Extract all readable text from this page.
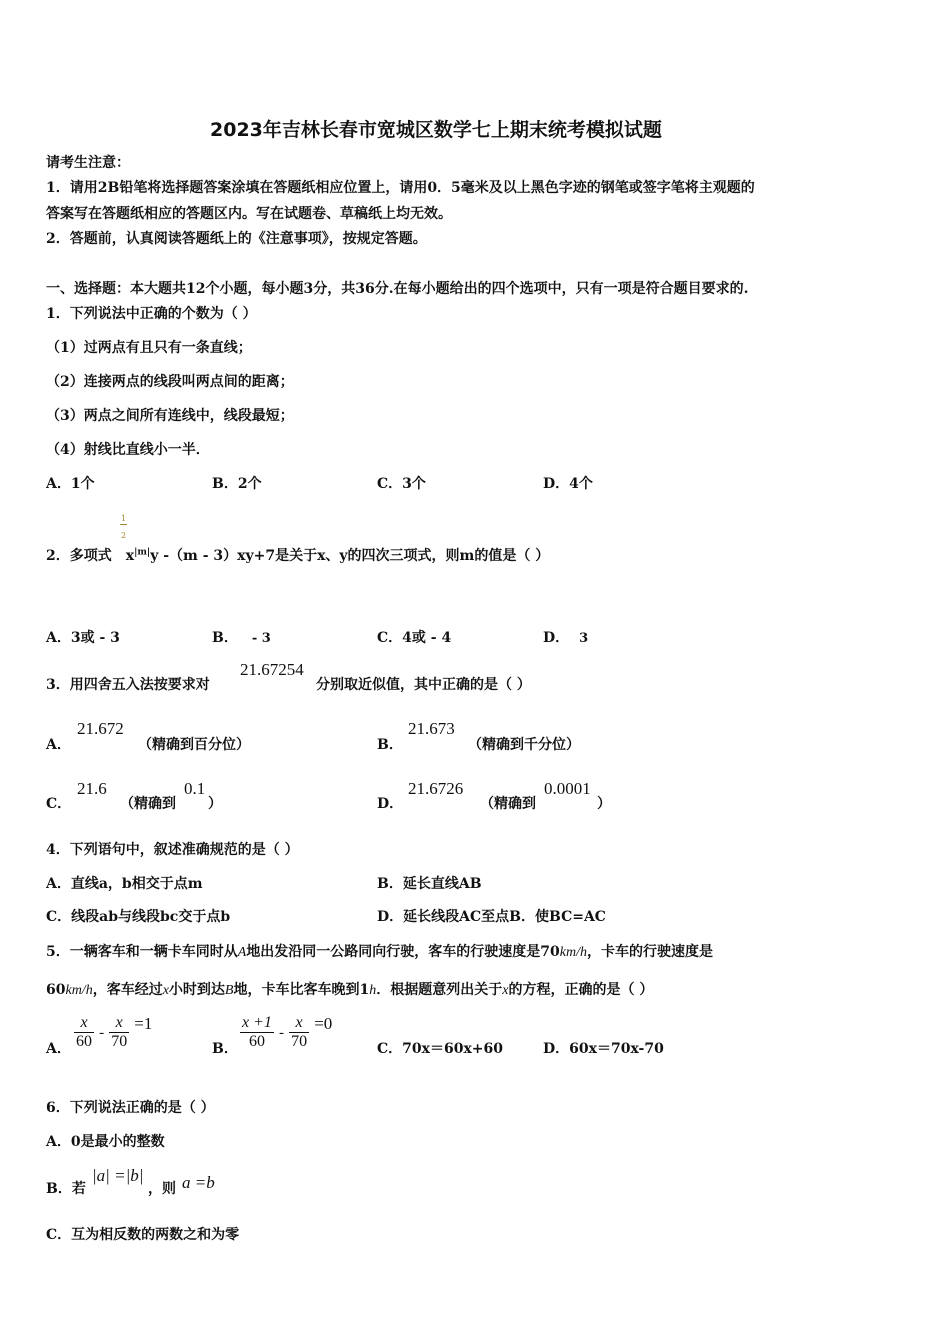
2023年吉林长春市宽城区数学七上期末统考模拟试题
请考生注意：
1．请用2B铅笔将选择题答案涂填在答题纸相应位置上，请用0．5毫米及以上黑色字迹的钢笔或签字笔将主观题的
答案写在答题纸相应的答题区内。写在试题卷、草稿纸上均无效。
2．答题前，认真阅读答题纸上的《注意事项》，按规定答题。
一、选择题：本大题共12个小题，每小题3分，共36分.在每小题给出的四个选项中，只有一项是符合题目要求的.
1．下列说法中正确的个数为（ ）
（1）过两点有且只有一条直线；
（2）连接两点的线段叫两点间的距离；
（3）两点之间所有连线中，线段最短；
（4）射线比直线小一半．
A．1个	B．2个	C．3个	D．4个
1
2
2．多项式 $x^{|m|}y$ -（m - 3）xy+7是关于x、y的四次三项式，则m的值是（ ）
A．3或 - 3	B． - 3	C．4或 - 4	D． 3
3．用四舍五入法按要求对
21.67254
分别取近似值，其中正确的是（ ）
A．
21.672
（精确到百分位）	B．
21.673
（精确到千分位）
C．
21.6
（精确到
0.1
）	D．
21.6726
（精确到
0.0001
）
4．下列语句中，叙述准确规范的是（ ）
A．直线a，b相交于点m	B．延长直线AB
C．线段ab与线段bc交于点b	D．延长线段AC至点B．使BC=AC
5．一辆客车和一辆卡车同时从A地出发沿同一公路同向行驶，客车的行驶速度是70km/h，卡车的行驶速度是
60km/h，客车经过x小时到达B地，卡车比客车晚到1h．根据题意列出关于x的方程，正确的是（ ）
A． $\frac{x}{60} - \frac{x}{70} =1$
B． $\frac{x +1}{60} - \frac{x}{70} =0$
C．70x＝60x+60	D．60x＝70x-70
6．下列说法正确的是（ ）
A．0是最小的整数
B．若
|a| =|b|
，则 a =b
C．互为相反数的两数之和为零
